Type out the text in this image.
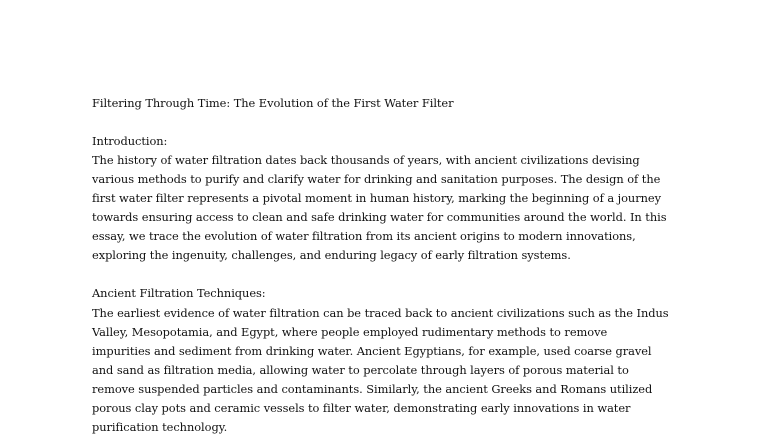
Filtering Through Time: The Evolution of the First Water Filter
Introduction:
The history of water filtration dates back thousands of years, with ancient civilizations devising
various methods to purify and clarify water for drinking and sanitation purposes. The design of the
first water filter represents a pivotal moment in human history, marking the beginning of a journey
towards ensuring access to clean and safe drinking water for communities around the world. In this
essay, we trace the evolution of water filtration from its ancient origins to modern innovations,
exploring the ingenuity, challenges, and enduring legacy of early filtration systems.
Ancient Filtration Techniques:
The earliest evidence of water filtration can be traced back to ancient civilizations such as the Indus
Valley, Mesopotamia, and Egypt, where people employed rudimentary methods to remove
impurities and sediment from drinking water. Ancient Egyptians, for example, used coarse gravel
and sand as filtration media, allowing water to percolate through layers of porous material to
remove suspended particles and contaminants. Similarly, the ancient Greeks and Romans utilized
porous clay pots and ceramic vessels to filter water, demonstrating early innovations in water
purification technology.
